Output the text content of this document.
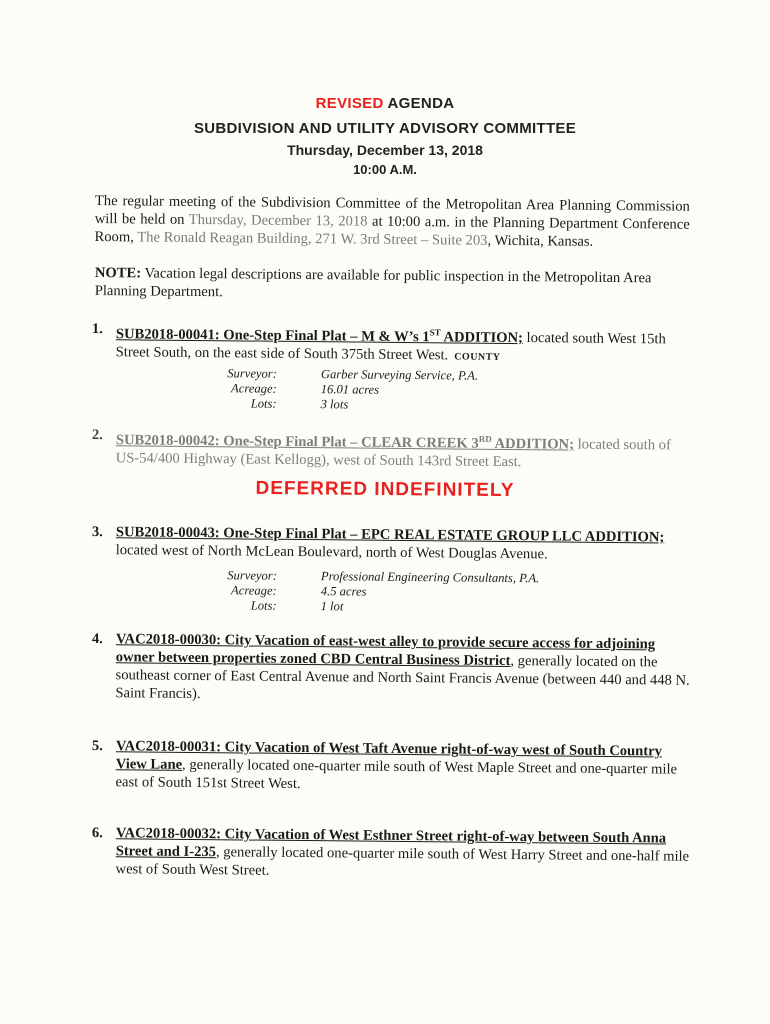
REVISED AGENDA
SUBDIVISION AND UTILITY ADVISORY COMMITTEE
Thursday, December 13, 2018
10:00 A.M.
The regular meeting of the Subdivision Committee of the Metropolitan Area Planning Commission will be held on Thursday, December 13, 2018 at 10:00 a.m. in the Planning Department Conference Room, The Ronald Reagan Building, 271 W. 3rd Street – Suite 203, Wichita, Kansas.
NOTE: Vacation legal descriptions are available for public inspection in the Metropolitan Area Planning Department.
1. SUB2018-00041: One-Step Final Plat – M & W’s 1ST ADDITION; located south West 15th Street South, on the east side of South 375th Street West. COUNTY
Surveyor:	Garber Surveying Service, P.A.
Acreage:	16.01 acres
Lots:	3 lots
2. SUB2018-00042: One-Step Final Plat – CLEAR CREEK 3RD ADDITION; located south of US-54/400 Highway (East Kellogg), west of South 143rd Street East.
DEFERRED INDEFINITELY
3. SUB2018-00043: One-Step Final Plat – EPC REAL ESTATE GROUP LLC ADDITION; located west of North McLean Boulevard, north of West Douglas Avenue.
Surveyor:	Professional Engineering Consultants, P.A.
Acreage:	4.5 acres
Lots:	1 lot
4. VAC2018-00030: City Vacation of east-west alley to provide secure access for adjoining owner between properties zoned CBD Central Business District, generally located on the southeast corner of East Central Avenue and North Saint Francis Avenue (between 440 and 448 N. Saint Francis).
5. VAC2018-00031: City Vacation of West Taft Avenue right-of-way west of South Country View Lane, generally located one-quarter mile south of West Maple Street and one-quarter mile east of South 151st Street West.
6. VAC2018-00032: City Vacation of West Esthner Street right-of-way between South Anna Street and I-235, generally located one-quarter mile south of West Harry Street and one-half mile west of South West Street.
